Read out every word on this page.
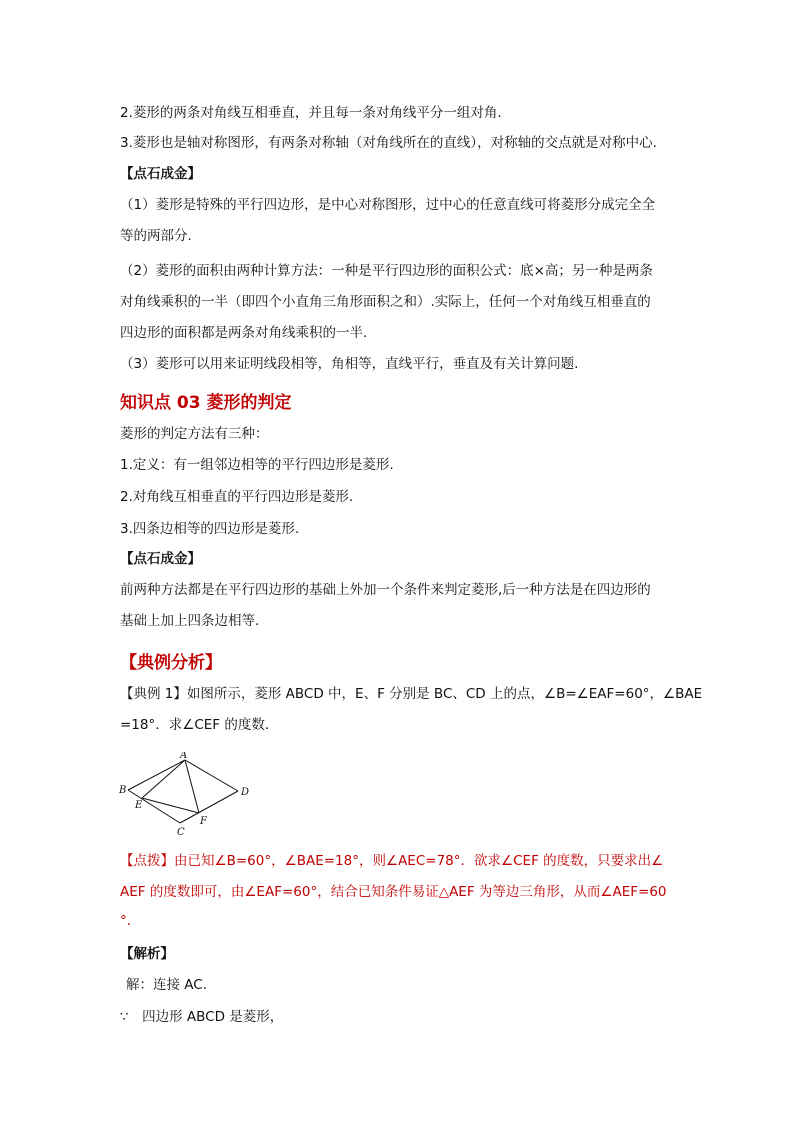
2.菱形的两条对角线互相垂直，并且每一条对角线平分一组对角.
3.菱形也是轴对称图形，有两条对称轴（对角线所在的直线），对称轴的交点就是对称中心.
【点石成金】
（1）菱形是特殊的平行四边形，是中心对称图形，过中心的任意直线可将菱形分成完全全
等的两部分.
（2）菱形的面积由两种计算方法：一种是平行四边形的面积公式：底×高；另一种是两条
对角线乘积的一半（即四个小直角三角形面积之和）.实际上，任何一个对角线互相垂直的
四边形的面积都是两条对角线乘积的一半.
（3）菱形可以用来证明线段相等，角相等，直线平行，垂直及有关计算问题.
知识点 03 菱形的判定
菱形的判定方法有三种：
1.定义：有一组邻边相等的平行四边形是菱形.
2.对角线互相垂直的平行四边形是菱形.
3.四条边相等的四边形是菱形.
【点石成金】
前两种方法都是在平行四边形的基础上外加一个条件来判定菱形,后一种方法是在四边形的
基础上加上四条边相等.
【典例分析】
【典例 1】如图所示，菱形 ABCD 中，E、F 分别是 BC、CD 上的点，∠B=∠EAF=60°，∠BAE
=18°．求∠CEF 的度数．
A
B
C
D
E
F
【点拨】由已知∠B=60°，∠BAE=18°，则∠AEC=78°．欲求∠CEF 的度数，只要求出∠
AEF 的度数即可，由∠EAF=60°，结合已知条件易证△AEF 为等边三角形，从而∠AEF=60
°．
【解析】
解：连接 AC．
∵　四边形 ABCD 是菱形，
